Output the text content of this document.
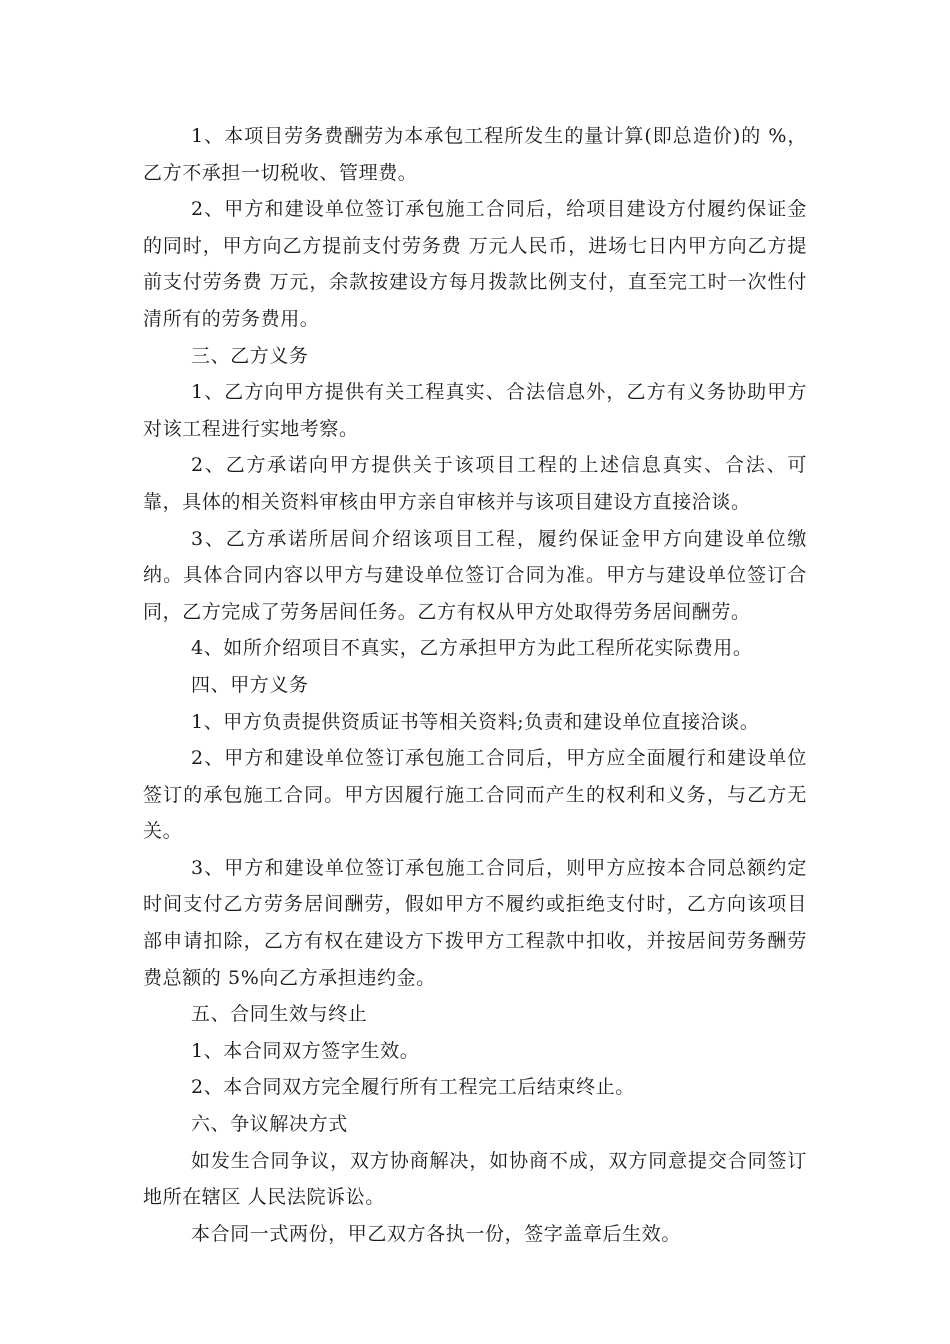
1、本项目劳务费酬劳为本承包工程所发生的量计算(即总造价)的 %，乙方不承担一切税收、管理费。

2、甲方和建设单位签订承包施工合同后，给项目建设方付履约保证金的同时，甲方向乙方提前支付劳务费 万元人民币，进场七日内甲方向乙方提前支付劳务费 万元，余款按建设方每月拨款比例支付，直至完工时一次性付清所有的劳务费用。

三、乙方义务

1、乙方向甲方提供有关工程真实、合法信息外，乙方有义务协助甲方对该工程进行实地考察。

2、乙方承诺向甲方提供关于该项目工程的上述信息真实、合法、可靠，具体的相关资料审核由甲方亲自审核并与该项目建设方直接洽谈。

3、乙方承诺所居间介绍该项目工程，履约保证金甲方向建设单位缴纳。具体合同内容以甲方与建设单位签订合同为准。甲方与建设单位签订合同，乙方完成了劳务居间任务。乙方有权从甲方处取得劳务居间酬劳。

4、如所介绍项目不真实，乙方承担甲方为此工程所花实际费用。

四、甲方义务

1、甲方负责提供资质证书等相关资料;负责和建设单位直接洽谈。

2、甲方和建设单位签订承包施工合同后，甲方应全面履行和建设单位签订的承包施工合同。甲方因履行施工合同而产生的权利和义务，与乙方无关。

3、甲方和建设单位签订承包施工合同后，则甲方应按本合同总额约定时间支付乙方劳务居间酬劳，假如甲方不履约或拒绝支付时，乙方向该项目部申请扣除，乙方有权在建设方下拨甲方工程款中扣收，并按居间劳务酬劳费总额的 5%向乙方承担违约金。

五、合同生效与终止

1、本合同双方签字生效。

2、本合同双方完全履行所有工程完工后结束终止。

六、争议解决方式

如发生合同争议，双方协商解决，如协商不成，双方同意提交合同签订地所在辖区 人民法院诉讼。

本合同一式两份，甲乙双方各执一份，签字盖章后生效。
